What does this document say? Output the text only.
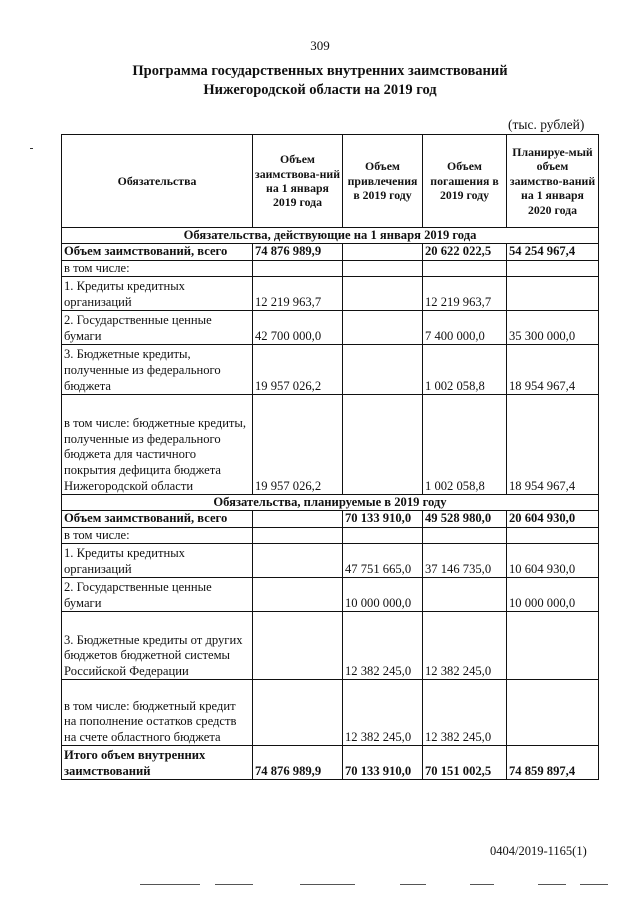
309
Программа государственных внутренних заимствований
Нижегородской области на 2019 год
(тыс. рублей)
Обязательства	Объем заимствова-ний на 1 января 2019 года	Объем привлечения в 2019 году	Объем погашения в 2019 году	Планируе-мый объем заимство-ваний на 1 января 2020 года
Обязательства, действующие на 1 января 2019 года				
Объем заимствований, всего	74 876 989,9		20 622 022,5	54 254 967,4
в том числе:				
1. Кредиты кредитных организаций	12 219 963,7		12 219 963,7	
2. Государственные ценные бумаги	42 700 000,0		7 400 000,0	35 300 000,0
3. Бюджетные кредиты, полученные из федерального бюджета	19 957 026,2		1 002 058,8	18 954 967,4
в том числе: бюджетные кредиты, полученные из федерального бюджета для частичного покрытия дефицита бюджета Нижегородской области	19 957 026,2		1 002 058,8	18 954 967,4
Обязательства, планируемые в 2019 году				
Объем заимствований, всего		70 133 910,0	49 528 980,0	20 604 930,0
в том числе:				
1. Кредиты кредитных организаций		47 751 665,0	37 146 735,0	10 604 930,0
2. Государственные ценные бумаги		10 000 000,0		10 000 000,0
3. Бюджетные кредиты от других бюджетов бюджетной системы Российской Федерации		12 382 245,0	12 382 245,0	
в том числе: бюджетный кредит на пополнение остатков средств на счете областного бюджета		12 382 245,0	12 382 245,0	
Итого объем внутренних заимствований	74 876 989,9	70 133 910,0	70 151 002,5	74 859 897,4
0404/2019-1165(1)
